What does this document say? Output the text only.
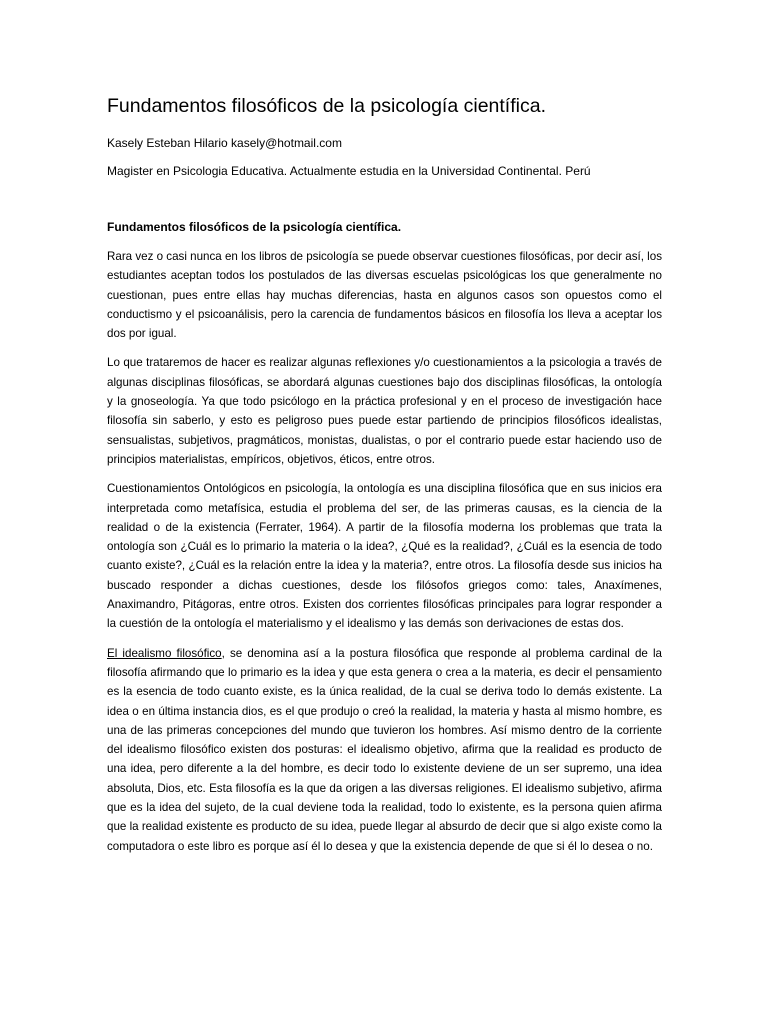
Fundamentos filosóficos de la psicología científica.

Kasely Esteban Hilario kasely@hotmail.com

Magister en Psicologia Educativa. Actualmente estudia en la Universidad Continental. Perú

Fundamentos filosóficos de la psicología científica.

Rara vez o casi nunca en los libros de psicología se puede observar cuestiones filosóficas, por decir así, los estudiantes aceptan todos los postulados de las diversas escuelas psicológicas los que generalmente no cuestionan, pues entre ellas hay muchas diferencias, hasta en algunos casos son opuestos como el conductismo y el psicoanálisis, pero la carencia de fundamentos básicos en filosofía los lleva a aceptar los dos por igual.

Lo que trataremos de hacer es realizar algunas reflexiones y/o cuestionamientos a la psicologia a través de algunas disciplinas filosóficas, se abordará algunas cuestiones bajo dos disciplinas filosóficas, la ontología y la gnoseología. Ya que todo psicólogo en la práctica profesional y en el proceso de investigación hace filosofía sin saberlo, y esto es peligroso pues puede estar partiendo de principios filosóficos idealistas, sensualistas, subjetivos, pragmáticos, monistas, dualistas, o por el contrario puede estar haciendo uso de principios materialistas, empíricos, objetivos, éticos, entre otros.

Cuestionamientos Ontológicos en psicología, la ontología es una disciplina filosófica que en sus inicios era interpretada como metafísica, estudia el problema del ser, de las primeras causas, es la ciencia de la realidad o de la existencia (Ferrater, 1964). A partir de la filosofía moderna los problemas que trata la ontología son ¿Cuál es lo primario la materia o la idea?, ¿Qué es la realidad?, ¿Cuál es la esencia de todo cuanto existe?, ¿Cuál es la relación entre la idea y la materia?, entre otros. La filosofía desde sus inicios ha buscado responder a dichas cuestiones, desde los filósofos griegos como: tales, Anaxímenes, Anaximandro, Pitágoras, entre otros. Existen dos corrientes filosóficas principales para lograr responder a la cuestión de la ontología el materialismo y el idealismo y las demás son derivaciones de estas dos.

El idealismo filosófico, se denomina así a la postura filosófica que responde al problema cardinal de la filosofía afirmando que lo primario es la idea y que esta genera o crea a la materia, es decir el pensamiento es la esencia de todo cuanto existe, es la única realidad, de la cual se deriva todo lo demás existente. La idea o en última instancia dios, es el que produjo o creó la realidad, la materia y hasta al mismo hombre, es una de las primeras concepciones del mundo que tuvieron los hombres. Así mismo dentro de la corriente del idealismo filosófico existen dos posturas: el idealismo objetivo, afirma que la realidad es producto de una idea, pero diferente a la del hombre, es decir todo lo existente deviene de un ser supremo, una idea absoluta, Dios, etc. Esta filosofía es la que da origen a las diversas religiones. El idealismo subjetivo, afirma que es la idea del sujeto, de la cual deviene toda la realidad, todo lo existente, es la persona quien afirma que la realidad existente es producto de su idea, puede llegar al absurdo de decir que si algo existe como la computadora o este libro es porque así él lo desea y que la existencia depende de que si él lo desea o no.
